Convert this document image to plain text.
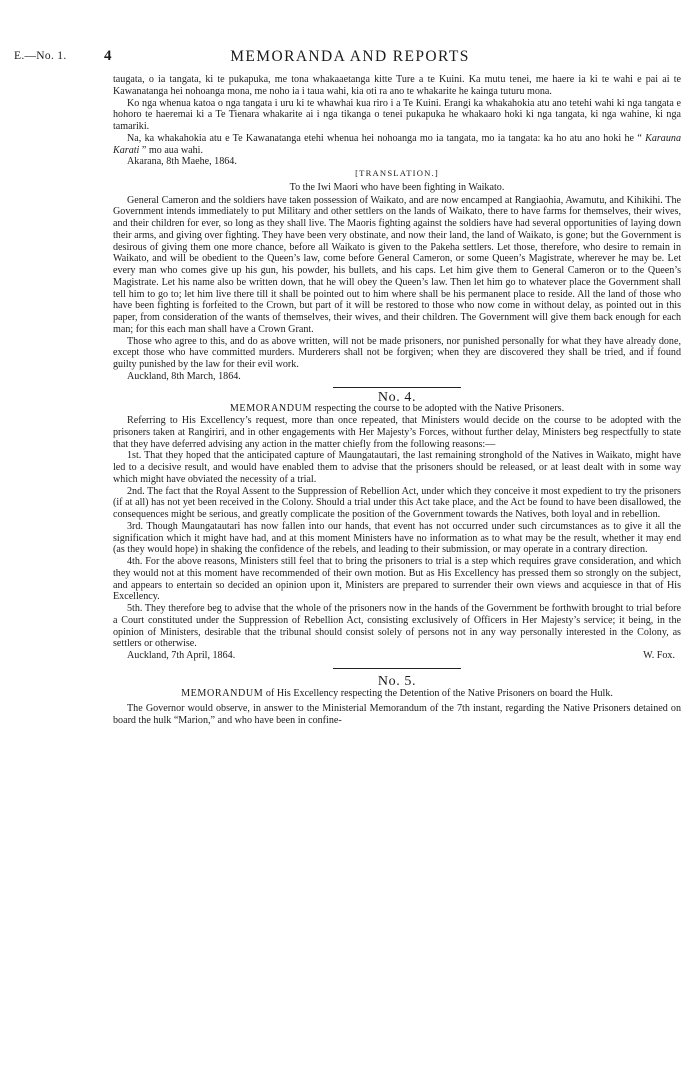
E.—No. 1. 4	MEMORANDA AND REPORTS

taugata, o ia tangata, ki te pukapuka, me tona whakaaetanga kitte Ture a te Kuini. Ka mutu tenei, me haere ia ki te wahi e pai ai te Kawanatanga hei nohoanga mona, me noho ia i taua wahi, kia oti ra ano te whakarite he kainga tuturu mona.

Ko nga whenua katoa o nga tangata i uru ki te whawhai kua riro i a Te Kuini. Erangi ka whakahokia atu ano tetehi wahi ki nga tangata e hohoro te haeremai ki a Te Tienara whakarite ai i nga tikanga o tenei pukapuka he whakaaro hoki ki nga tangata, ki nga wahine, ki nga tamariki.

Na, ka whakahokia atu e Te Kawanatanga etehi whenua hei nohoanga mo ia tangata, mo ia tangata: ka ho atu ano hoki he “ Karauna Karati ” mo aua wahi.

Akarana, 8th Maehe, 1864.

[TRANSLATION.]

To the Iwi Maori who have been fighting in Waikato.

General Cameron and the soldiers have taken possession of Waikato, and are now encamped at Rangiaohia, Awamutu, and Kihikihi. The Government intends immediately to put Military and other settlers on the lands of Waikato, there to have farms for themselves, their wives, and their children for ever, so long as they shall live. The Maoris fighting against the soldiers have had several opportunities of laying down their arms, and giving over fighting. They have been very obstinate, and now their land, the land of Waikato, is gone; but the Government is desirous of giving them one more chance, before all Waikato is given to the Pakeha settlers. Let those, therefore, who desire to remain in Waikato, and will be obedient to the Queen’s law, come before General Cameron, or some Queen’s Magistrate, wherever he may be. Let every man who comes give up his gun, his powder, his bullets, and his caps. Let him give them to General Cameron or to the Queen’s Magistrate. Let his name also be written down, that he will obey the Queen’s law. Then let him go to whatever place the Government shall tell him to go to; let him live there till it shall be pointed out to him where shall be his permanent place to reside. All the land of those who have been fighting is forfeited to the Crown, but part of it will be restored to those who now come in without delay, as pointed out in this paper, from consideration of the wants of themselves, their wives, and their children. The Government will give them back enough for each man; for this each man shall have a Crown Grant.

Those who agree to this, and do as above written, will not be made prisoners, nor punished personally for what they have already done, except those who have committed murders. Murderers shall not be forgiven; when they are discovered they shall be tried, and if found guilty punished by the law for their evil work.

Auckland, 8th March, 1864.

No. 4.

MEMORANDUM respecting the course to be adopted with the Native Prisoners.

Referring to His Excellency’s request, more than once repeated, that Ministers would decide on the course to be adopted with the prisoners taken at Rangiriri, and in other engagements with Her Majesty’s Forces, without further delay, Ministers beg respectfully to state that they have deferred advising any action in the matter chiefly from the following reasons:—

1st. That they hoped that the anticipated capture of Maungatautari, the last remaining stronghold of the Natives in Waikato, might have led to a decisive result, and would have enabled them to advise that the prisoners should be released, or at least dealt with in some way which might have obviated the necessity of a trial.

2nd. The fact that the Royal Assent to the Suppression of Rebellion Act, under which they conceive it most expedient to try the prisoners (if at all) has not yet been received in the Colony. Should a trial under this Act take place, and the Act be found to have been disallowed, the consequences might be serious, and greatly complicate the position of the Government towards the Natives, both loyal and in rebellion.

3rd. Though Maungatautari has now fallen into our hands, that event has not occurred under such circumstances as to give it all the signification which it might have had, and at this moment Ministers have no information as to what may be the result, whether it may end (as they would hope) in shaking the confidence of the rebels, and leading to their submission, or may operate in a contrary direction.

4th. For the above reasons, Ministers still feel that to bring the prisoners to trial is a step which requires grave consideration, and which they would not at this moment have recommended of their own motion. But as His Excellency has pressed them so strongly on the subject, and appears to entertain so decided an opinion upon it, Ministers are prepared to surrender their own views and acquiesce in that of His Excellency.

5th. They therefore beg to advise that the whole of the prisoners now in the hands of the Government be forthwith brought to trial before a Court constituted under the Suppression of Rebellion Act, consisting exclusively of Officers in Her Majesty’s service; it being, in the opinion of Ministers, desirable that the tribunal should consist solely of persons not in any way personally interested in the Colony, as settlers or otherwise.

Auckland, 7th April, 1864.	W. Fox.

No. 5.

MEMORANDUM of His Excellency respecting the Detention of the Native Prisoners on board the Hulk.

The Governor would observe, in answer to the Ministerial Memorandum of the 7th instant, regarding the Native Prisoners detained on board the hulk “Marion,” and who have been in confine-
